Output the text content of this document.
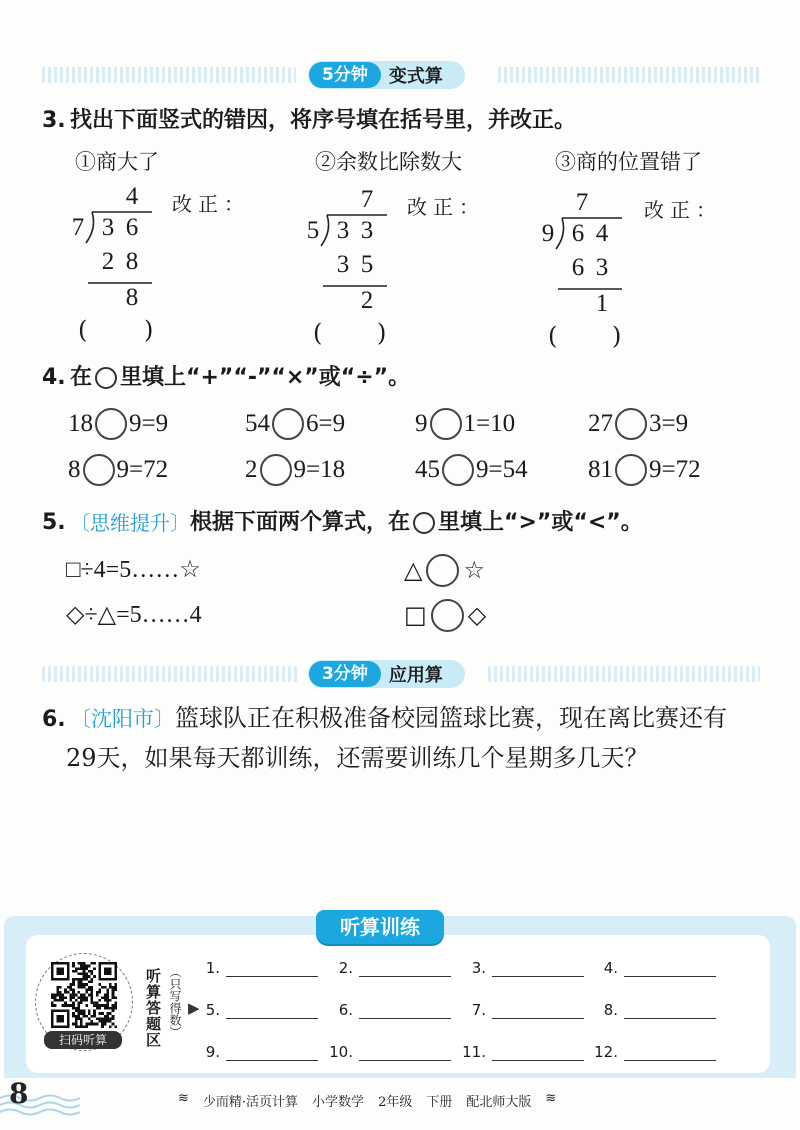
5分钟	变式算
3. 找出下面竖式的错因，将序号填在括号里，并改正。
①商大了	②余数比除数大	③商的位置错了
4
7 3 6
2 8
8
改正：
( )
7
5 3 3
3 5
2
改正：
( )
7
9 6 4
6 3
1
改正：
( )
4. 在 里填上“+”“-”“×”或“÷”。
18 9=9	54 6=9	9 1=10	27 3=9
8 9=72	2 9=18	45 9=54 81 9=72
5. 〔思维提升〕 根据下面两个算式，在 里填上“>”或“<”。
□÷4=5……☆
◇÷△=5……4
△ ☆
□ ◇
3分钟	应用算
6. 〔沈阳市〕篮球队正在积极准备校园篮球比赛，现在离比赛还有
29天，如果每天都训练，还需要训练几个星期多几天？
听算训练
扫码听算	听算答题区 （只写得数） ▶
1.	2.	3.	4.
5.	6.	7.	8.
9.	10.	11.	12.
8	≋ 少而精·活页计算 小学数学 2年级 下册 配北师大版 ≋
